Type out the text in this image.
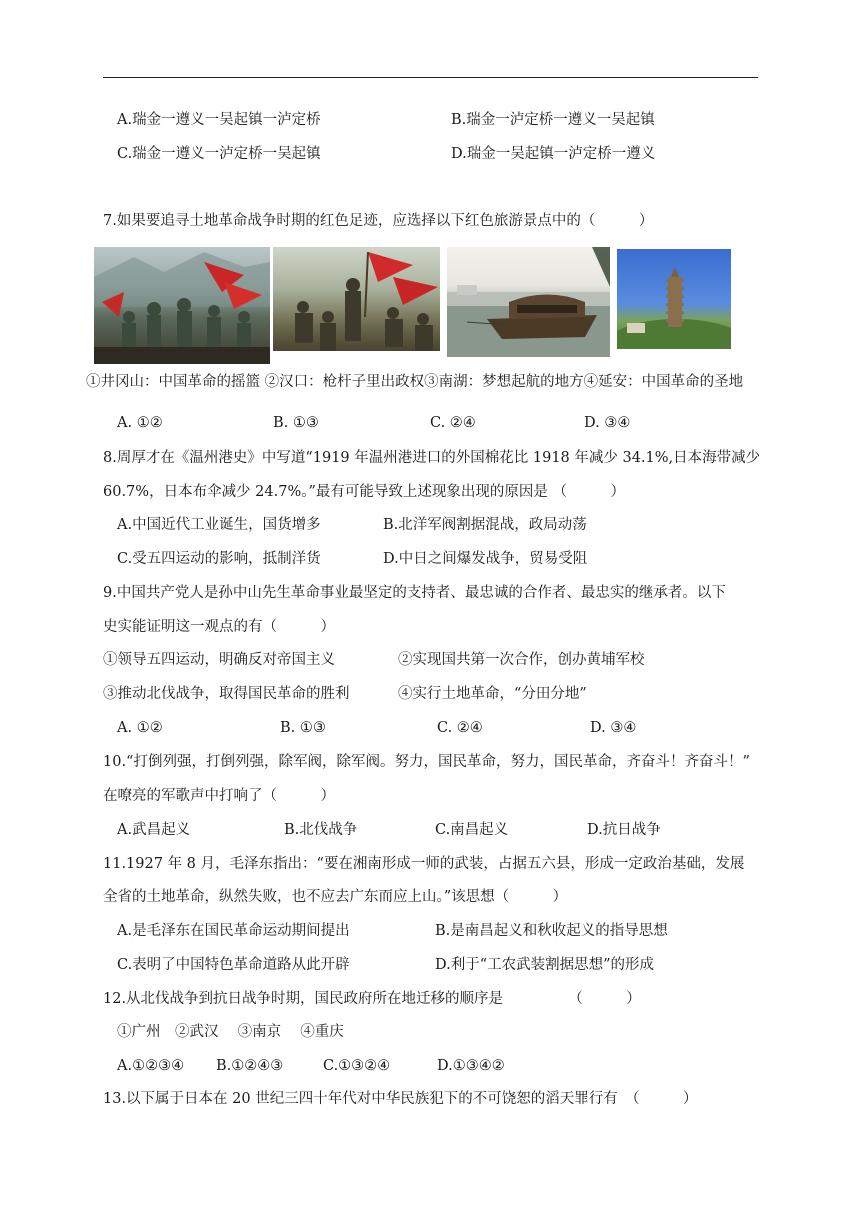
A.瑞金一遵义一吴起镇一泸定桥	B.瑞金一泸定桥一遵义一吴起镇
C.瑞金一遵义一泸定桥一吴起镇	D.瑞金一吴起镇一泸定桥一遵义
7.如果要追寻土地革命战争时期的红色足迹，应选择以下红色旅游景点中的（　　　）
①井冈山：中国革命的摇篮 ②汉口：枪杆子里出政权③南湖：梦想起航的地方④延安：中国革命的圣地
A. ①②	B. ①③	C. ②④	D. ③④
8.周厚才在《温州港史》中写道“1919 年温州港进口的外国棉花比 1918 年减少 34.1%,日本海带减少
60.7%，日本布伞减少 24.7%。”最有可能导致上述现象出现的原因是 （　　　）
A.中国近代工业诞生，国货增多	B.北洋军阀割据混战，政局动荡
C.受五四运动的影响，抵制洋货	D.中日之间爆发战争，贸易受阻
9.中国共产党人是孙中山先生革命事业最坚定的支持者、最忠诚的合作者、最忠实的继承者。以下
史实能证明这一观点的有（　　　）
①领导五四运动，明确反对帝国主义	②实现国共第一次合作，创办黄埔军校
③推动北伐战争，取得国民革命的胜利	④实行土地革命，“分田分地”
A. ①②	B. ①③	C. ②④	D. ③④
10.“打倒列强，打倒列强，除军阀，除军阀。努力，国民革命，努力，国民革命，齐奋斗！齐奋斗！”
在嘹亮的军歌声中打响了（　　　）
A.武昌起义	B.北伐战争	C.南昌起义	D.抗日战争
11.1927 年 8 月，毛泽东指出：“要在湘南形成一师的武装，占据五六县，形成一定政治基础，发展
全省的土地革命，纵然失败，也不应去广东而应上山。”该思想（　　　）
A.是毛泽东在国民革命运动期间提出	B.是南昌起义和秋收起义的指导思想
C.表明了中国特色革命道路从此开辟	D.利于“工农武装割据思想”的形成
12.从北伐战争到抗日战争时期，国民政府所在地迁移的顺序是　　　　　（　　　）
①广州　②武汉　 ③南京　 ④重庆
A.①②③④ B.①②④③	C.①③②④	D.①③④②
13.以下属于日本在 20 世纪三四十年代对中华民族犯下的不可饶恕的滔天罪行有　（　　　）
